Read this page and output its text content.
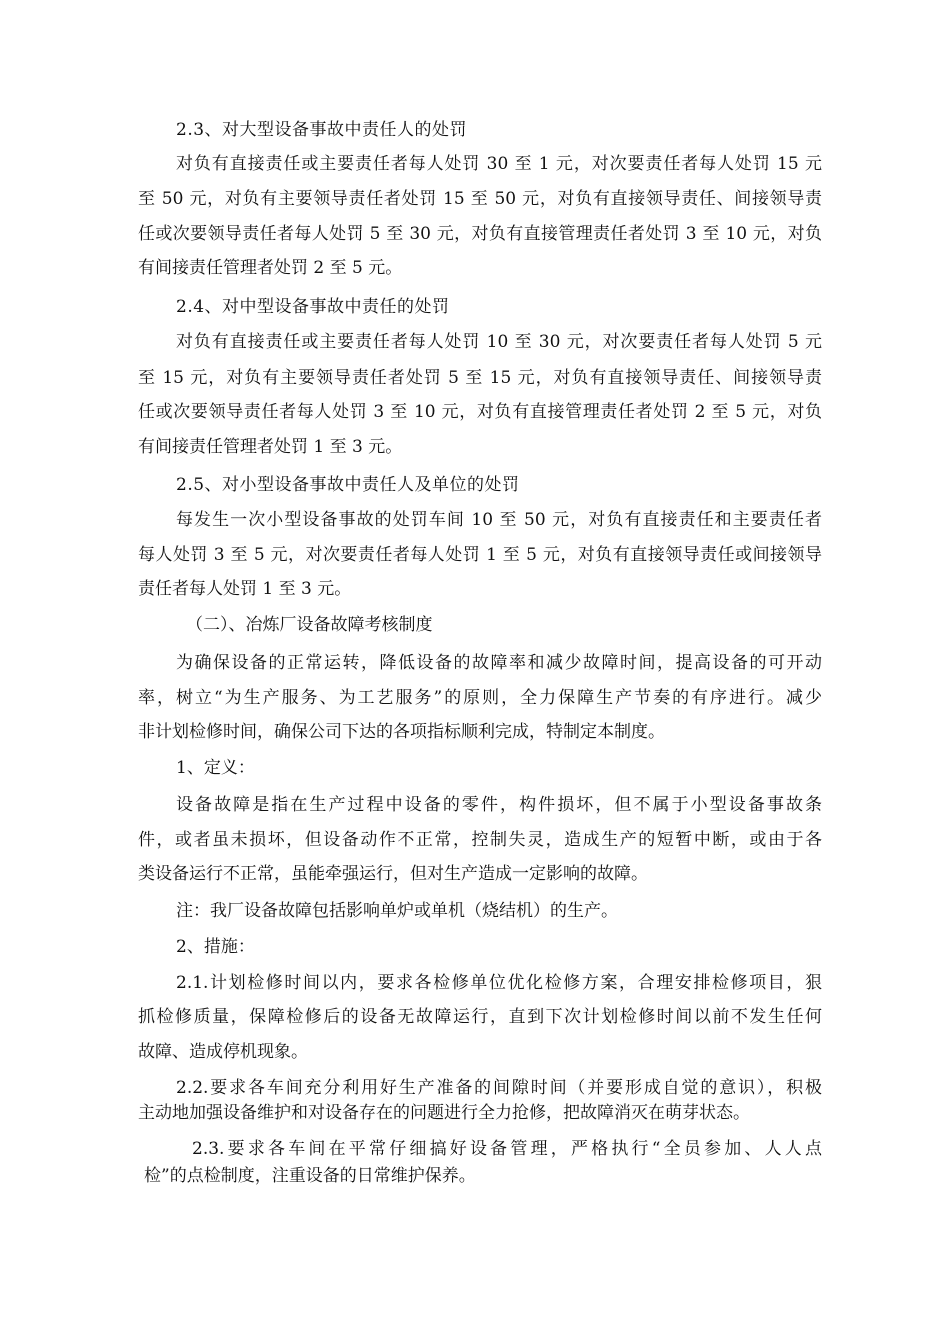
2.3、对大型设备事故中责任人的处罚
对负有直接责任或主要责任者每人处罚 30 至 1 元，对次要责任者每人处罚 15 元
至 50 元，对负有主要领导责任者处罚 15 至 50 元，对负有直接领导责任、间接领导责
任或次要领导责任者每人处罚 5 至 30 元，对负有直接管理责任者处罚 3 至 10 元，对负
有间接责任管理者处罚 2 至 5 元。
2.4、对中型设备事故中责任的处罚
对负有直接责任或主要责任者每人处罚 10 至 30 元，对次要责任者每人处罚 5 元
至 15 元，对负有主要领导责任者处罚 5 至 15 元，对负有直接领导责任、间接领导责
任或次要领导责任者每人处罚 3 至 10 元，对负有直接管理责任者处罚 2 至 5 元，对负
有间接责任管理者处罚 1 至 3 元。
2.5、对小型设备事故中责任人及单位的处罚
每发生一次小型设备事故的处罚车间 10 至 50 元，对负有直接责任和主要责任者
每人处罚 3 至 5 元，对次要责任者每人处罚 1 至 5 元，对负有直接领导责任或间接领导
责任者每人处罚 1 至 3 元。
（二）、冶炼厂设备故障考核制度
为确保设备的正常运转，降低设备的故障率和减少故障时间，提高设备的可开动
率，树立“为生产服务、为工艺服务”的原则，全力保障生产节奏的有序进行。减少
非计划检修时间，确保公司下达的各项指标顺利完成，特制定本制度。
1、定义：
设备故障是指在生产过程中设备的零件，构件损坏，但不属于小型设备事故条
件，或者虽未损坏，但设备动作不正常，控制失灵，造成生产的短暂中断，或由于各
类设备运行不正常，虽能牵强运行，但对生产造成一定影响的故障。
注：我厂设备故障包括影响单炉或单机（烧结机）的生产。
2、措施：
2.1.计划检修时间以内，要求各检修单位优化检修方案，合理安排检修项目，狠
抓检修质量，保障检修后的设备无故障运行，直到下次计划检修时间以前不发生任何
故障、造成停机现象。
2.2.要求各车间充分利用好生产准备的间隙时间（并要形成自觉的意识），积极
主动地加强设备维护和对设备存在的问题进行全力抢修，把故障消灭在萌芽状态。
2.3.要求各车间在平常仔细搞好设备管理，严格执行“全员参加、人人点
检”的点检制度，注重设备的日常维护保养。
